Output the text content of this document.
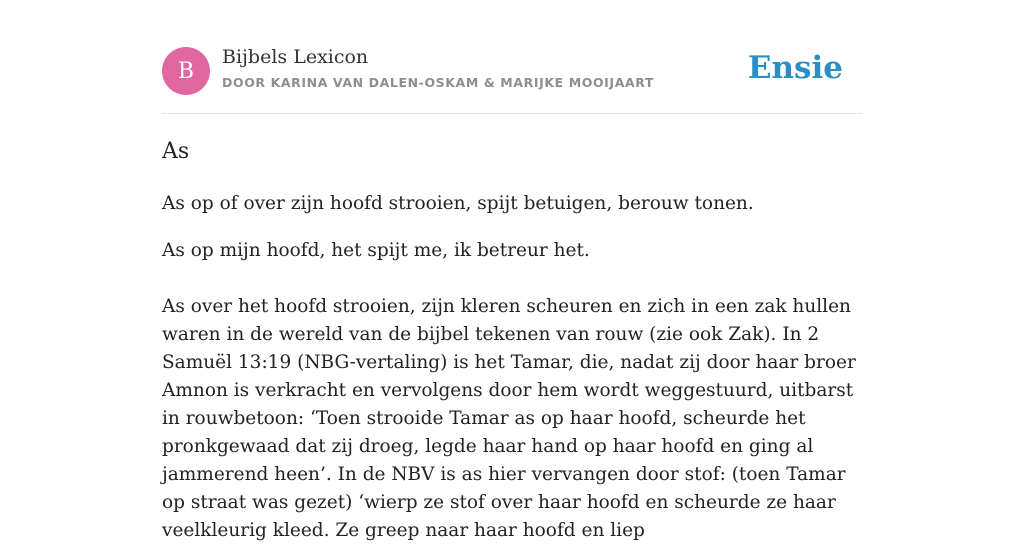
B
Bijbels Lexicon
DOOR KARINA VAN DALEN-OSKAM & MARIJKE MOOIJAART	Ensie
As

As op of over zijn hoofd strooien, spijt betuigen, berouw tonen.

As op mijn hoofd, het spijt me, ik betreur het.

As over het hoofd strooien, zijn kleren scheuren en zich in een zak hullen waren in de wereld van de bijbel tekenen van rouw (zie ook Zak). In 2 Samuël 13:19 (NBG-vertaling) is het Tamar, die, nadat zij door haar broer Amnon is verkracht en vervolgens door hem wordt weggestuurd, uitbarst in rouwbetoon: ‘Toen strooide Tamar as op haar hoofd, scheurde het pronkgewaad dat zij droeg, legde haar hand op haar hoofd en ging al jammerend heen’. In de NBV is as hier vervangen door stof: (toen Tamar op straat was gezet) ‘wierp ze stof over haar hoofd en scheurde ze haar veelkleurig kleed. Ze greep naar haar hoofd en liep
